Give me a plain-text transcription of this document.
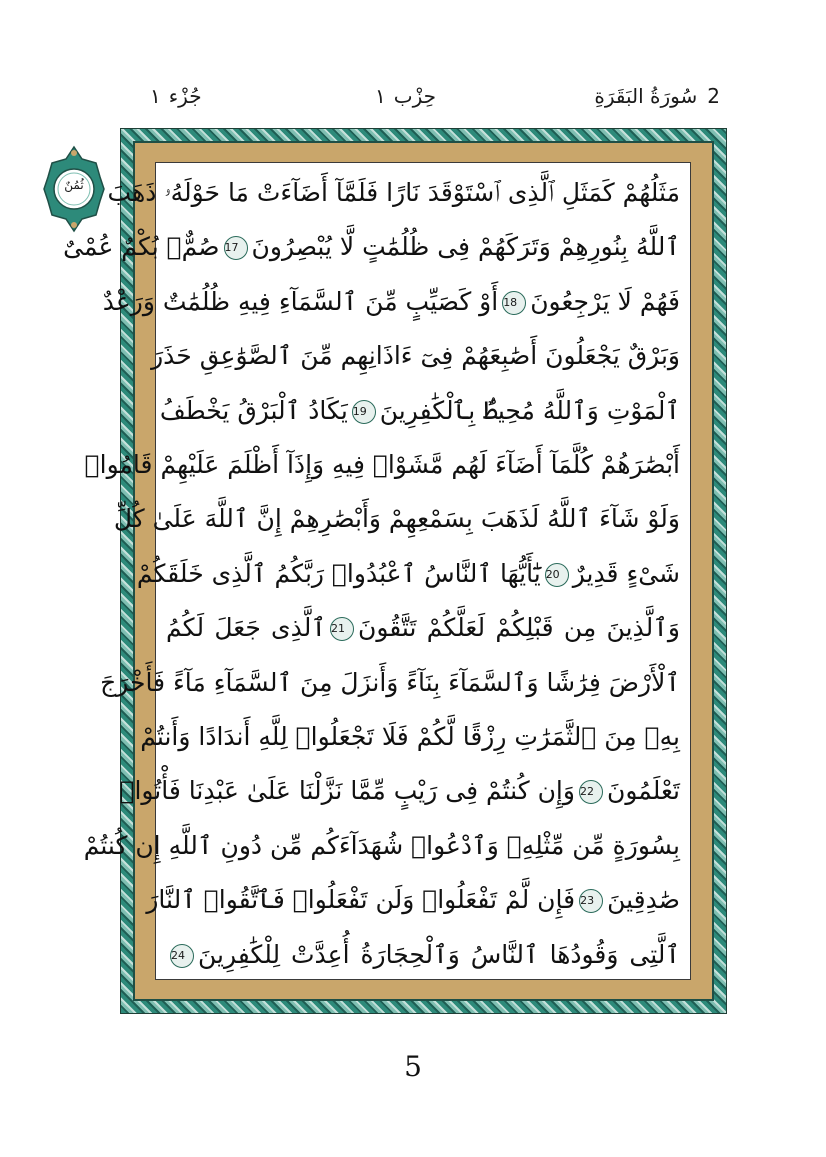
2
سُورَةُ البَقَرَةِ
حِزْب
١
جُزْء
١
ثُمُنٌ مَثَلُهُمْ كَمَثَلِ ٱلَّذِى ٱسْتَوْقَدَ نَارًا فَلَمَّآ أَضَآءَتْ مَا حَوْلَهُۥ ذَهَبَ
ٱللَّهُ بِنُورِهِمْ وَتَرَكَهُمْ فِى ظُلُمَٰتٍ لَّا يُبْصِرُونَ17صُمٌّۢ بُكْمٌ عُمْىٌ
فَهُمْ لَا يَرْجِعُونَ18أَوْ كَصَيِّبٍ مِّنَ ٱلسَّمَآءِ فِيهِ ظُلُمَٰتٌ وَرَعْدٌ
وَبَرْقٌ يَجْعَلُونَ أَصَٰبِعَهُمْ فِىٓ ءَاذَانِهِم مِّنَ ٱلصَّوَٰعِقِ حَذَرَ
ٱلْمَوْتِ وَٱللَّهُ مُحِيطٌۢ بِٱلْكَٰفِرِينَ19يَكَادُ ٱلْبَرْقُ يَخْطَفُ
أَبْصَٰرَهُمْ كُلَّمَآ أَضَآءَ لَهُم مَّشَوْا۟ فِيهِ وَإِذَآ أَظْلَمَ عَلَيْهِمْ قَامُوا۟
وَلَوْ شَآءَ ٱللَّهُ لَذَهَبَ بِسَمْعِهِمْ وَأَبْصَٰرِهِمْ إِنَّ ٱللَّهَ عَلَىٰ كُلِّ
شَىْءٍ قَدِيرٌ20يَٰٓأَيُّهَا ٱلنَّاسُ ٱعْبُدُوا۟ رَبَّكُمُ ٱلَّذِى خَلَقَكُمْ
وَٱلَّذِينَ مِن قَبْلِكُمْ لَعَلَّكُمْ تَتَّقُونَ21ٱلَّذِى جَعَلَ لَكُمُ
ٱلْأَرْضَ فِرَٰشًا وَٱلسَّمَآءَ بِنَآءً وَأَنزَلَ مِنَ ٱلسَّمَآءِ مَآءً فَأَخْرَجَ
بِهِۦ مِنَ ٱلثَّمَرَٰتِ رِزْقًا لَّكُمْ فَلَا تَجْعَلُوا۟ لِلَّهِ أَندَادًا وَأَنتُمْ
تَعْلَمُونَ22وَإِن كُنتُمْ فِى رَيْبٍ مِّمَّا نَزَّلْنَا عَلَىٰ عَبْدِنَا فَأْتُوا۟
بِسُورَةٍ مِّن مِّثْلِهِۦ وَٱدْعُوا۟ شُهَدَآءَكُم مِّن دُونِ ٱللَّهِ إِن كُنتُمْ
صَٰدِقِينَ23فَإِن لَّمْ تَفْعَلُوا۟ وَلَن تَفْعَلُوا۟ فَٱتَّقُوا۟ ٱلنَّارَ
ٱلَّتِى وَقُودُهَا ٱلنَّاسُ وَٱلْحِجَارَةُ أُعِدَّتْ لِلْكَٰفِرِينَ24
5
